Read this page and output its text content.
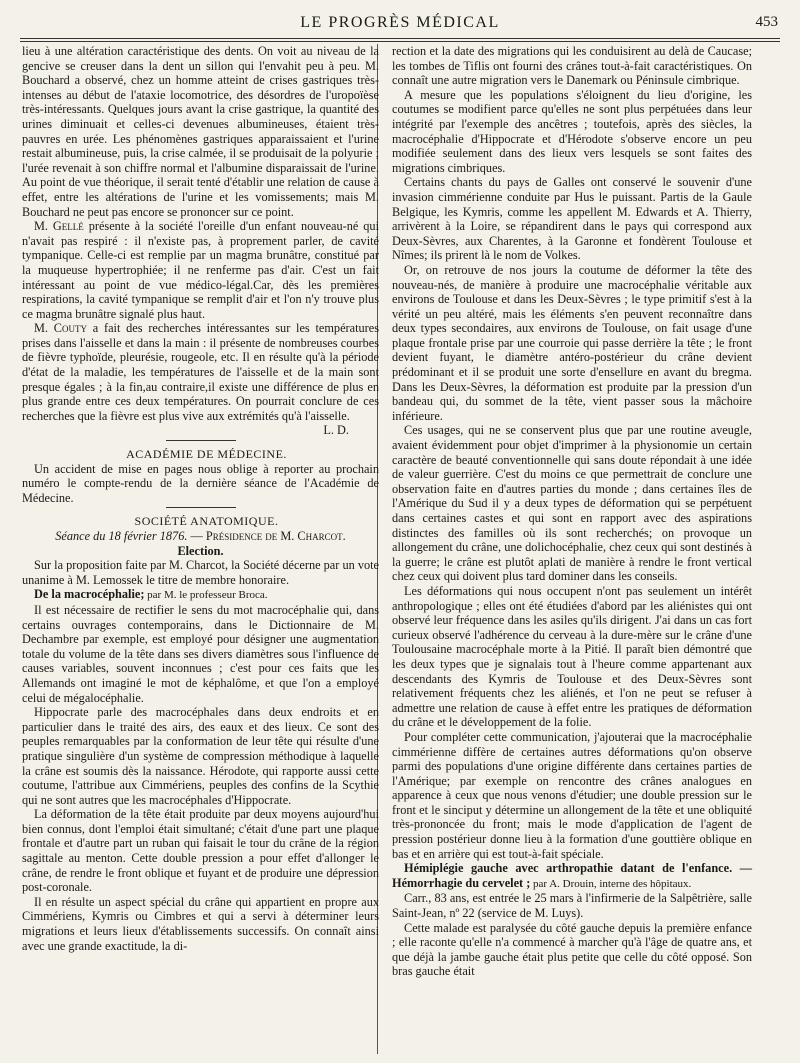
LE PROGRÈS MÉDICAL	453

lieu à une altération caractéristique des dents. On voit au niveau de la gencive se creuser dans la dent un sillon qui l'envahit peu à peu. M. Bouchard a observé, chez un homme atteint de crises gastriques très-intenses au début de l'ataxie locomotrice, des désordres de l'uropoïèse très-intéressants. Quelques jours avant la crise gastrique, la quantité des urines diminuait et celles-ci devenues albumineuses, étaient très-pauvres en urée. Les phénomènes gastriques apparaissaient et l'urine restait albumineuse, puis, la crise calmée, il se produisait de la polyurie ; l'urée revenait à son chiffre normal et l'albumine disparaissait de l'urine. Au point de vue théorique, il serait tenté d'établir une relation de cause à effet, entre les altérations de l'urine et les vomissements; mais M. Bouchard ne peut pas encore se prononcer sur ce point.

M. Gellé présente à la société l'oreille d'un enfant nouveau-né qui n'avait pas respiré : il n'existe pas, à proprement parler, de cavité tympanique. Celle-ci est remplie par un magma brunâtre, constitué par la muqueuse hypertrophiée; il ne renferme pas d'air. C'est un fait intéressant au point de vue médico-légal.Car, dès les premières respirations, la cavité tympanique se remplit d'air et l'on n'y trouve plus ce magma brunâtre signalé plus haut.

M. Couty a fait des recherches intéressantes sur les températures prises dans l'aisselle et dans la main : il présente de nombreuses courbes de fièvre typhoïde, pleurésie, rougeole, etc. Il en résulte qu'à la période d'état de la maladie, les températures de l'aisselle et de la main sont presque égales ; à la fin,au contraire,il existe une différence de plus en plus grande entre ces deux températures. On pourrait conclure de ces recherches que la fièvre est plus vive aux extrémités qu'à l'aisselle.

L. D.

ACADÉMIE DE MÉDECINE.

Un accident de mise en pages nous oblige à reporter au prochain numéro le compte-rendu de la dernière séance de l'Académie de Médecine.

SOCIÉTÉ ANATOMIQUE.

Séance du 18 février 1876. — Présidence de M. Charcot.

Election.

Sur la proposition faite par M. Charcot, la Société décerne par un vote unanime à M. Lemossek le titre de membre honoraire.

De la macrocéphalie; par M. le professeur Broca.

Il est nécessaire de rectifier le sens du mot macrocéphalie qui, dans certains ouvrages contemporains, dans le Dictionnaire de M. Dechambre par exemple, est employé pour désigner une augmentation totale du volume de la tête dans ses divers diamètres sous l'influence de causes variables, souvent inconnues ; c'est pour ces faits que les Allemands ont imaginé le mot de képhalôme, et que l'on a employé celui de mégalocéphalie.

Hippocrate parle des macrocéphales dans deux endroits et en particulier dans le traité des airs, des eaux et des lieux. Ce sont des peuples remarquables par la conformation de leur tête qui résulte d'une pratique singulière d'un système de compression méthodique à laquelle la crâne est soumis dès la naissance. Hérodote, qui rapporte aussi cette coutume, l'attribue aux Cimmériens, peuples des confins de la Scythie qui ne sont autres que les macrocéphales d'Hippocrate.

La déformation de la tête était produite par deux moyens aujourd'hui bien connus, dont l'emploi était simultané; c'était d'une part une plaque frontale et d'autre part un ruban qui faisait le tour du crâne de la région sagittale au menton. Cette double pression a pour effet d'allonger le crâne, de rendre le front oblique et fuyant et de produire une dépression post-coronale.

Il en résulte un aspect spécial du crâne qui appartient en propre aux Cimmériens, Kymris ou Cimbres et qui a servi à déterminer leurs migrations et leurs lieux d'établissements successifs. On connaît ainsi avec une grande exactitude, la di-

rection et la date des migrations qui les conduisirent au delà de Caucase; les tombes de Tiflis ont fourni des crânes tout-à-fait caractéristiques. On connaît une autre migration vers le Danemark ou Péninsule cimbrique.

A mesure que les populations s'éloignent du lieu d'origine, les coutumes se modifient parce qu'elles ne sont plus perpétuées dans leur intégrité par l'exemple des ancêtres ; toutefois, après des siècles, la macrocéphalie d'Hippocrate et d'Hérodote s'observe encore un peu modifiée seulement dans des lieux vers lesquels se sont faites des migrations cimbriques.

Certains chants du pays de Galles ont conservé le souvenir d'une invasion cimmérienne conduite par Hus le puissant. Partis de la Gaule Belgique, les Kymris, comme les appellent M. Edwards et A. Thierry, arrivèrent à la Loire, se répandirent dans le pays qui correspond aux Deux-Sèvres, aux Charentes, à la Garonne et fondèrent Toulouse et Nîmes; ils prirent là le nom de Volkes.

Or, on retrouve de nos jours la coutume de déformer la tête des nouveau-nés, de manière à produire une macrocéphalie véritable aux environs de Toulouse et dans les Deux-Sèvres ; le type primitif s'est à la vérité un peu altéré, mais les éléments s'en peuvent reconnaître dans deux types secondaires, aux environs de Toulouse, on fait usage d'une plaque frontale prise par une courroie qui passe derrière la tête ; le front devient fuyant, le diamètre antéro-postérieur du crâne devient prédominant et il se produit une sorte d'ensellure en avant du bregma. Dans les Deux-Sèvres, la déformation est produite par la pression d'un bandeau qui, du sommet de la tête, vient passer sous la mâchoire inférieure.

Ces usages, qui ne se conservent plus que par une routine aveugle, avaient évidemment pour objet d'imprimer à la physionomie un certain caractère de beauté conventionnelle qui sans doute répondait à une idée de valeur guerrière. C'est du moins ce que permettrait de conclure une observation faite en d'autres parties du monde ; dans certaines îles de l'Amérique du Sud il y a deux types de déformation qui se perpétuent dans certaines castes et qui sont en rapport avec des aspirations distinctes des familles où ils sont recherchés; on provoque un allongement du crâne, une dolichocéphalie, chez ceux qui sont destinés à la guerre; le crâne est plutôt aplati de manière à rendre le front vertical chez ceux qui doivent plus tard dominer dans les conseils.

Les déformations qui nous occupent n'ont pas seulement un intérêt anthropologique ; elles ont été étudiées d'abord par les aliénistes qui ont observé leur fréquence dans les asiles qu'ils dirigent. J'ai dans un cas fort curieux observé l'adhérence du cerveau à la dure-mère sur le crâne d'une Toulousaine macrocéphale morte à la Pitié. Il paraît bien démontré que les deux types que je signalais tout à l'heure comme appartenant aux descendants des Kymris de Toulouse et des Deux-Sèvres sont relativement fréquents chez les aliénés, et l'on ne peut se refuser à admettre une relation de cause à effet entre les pratiques de déformation du crâne et le développement de la folie.

Pour compléter cette communication, j'ajouterai que la macrocéphalie cimmérienne diffère de certaines autres déformations qu'on observe parmi des populations d'une origine différente dans certaines parties de l'Amérique; par exemple on rencontre des crânes analogues en apparence à ceux que nous venons d'étudier; une double pression sur le front et le sinciput y détermine un allongement de la tête et une obliquité très-prononcée du front; mais le mode d'application de l'agent de pression postérieur donne lieu à la formation d'une gouttière oblique en bas et en arrière qui est tout-à-fait spéciale.

Hémiplégie gauche avec arthropathie datant de l'enfance. — Hémorrhagie du cervelet ; par A. Drouin, interne des hôpitaux.

Carr., 83 ans, est entrée le 25 mars à l'infirmerie de la Salpêtrière, salle Saint-Jean, nº 22 (service de M. Luys).

Cette malade est paralysée du côté gauche depuis la première enfance ; elle raconte qu'elle n'a commencé à marcher qu'à l'âge de quatre ans, et que déjà la jambe gauche était plus petite que celle du côté opposé. Son bras gauche était
